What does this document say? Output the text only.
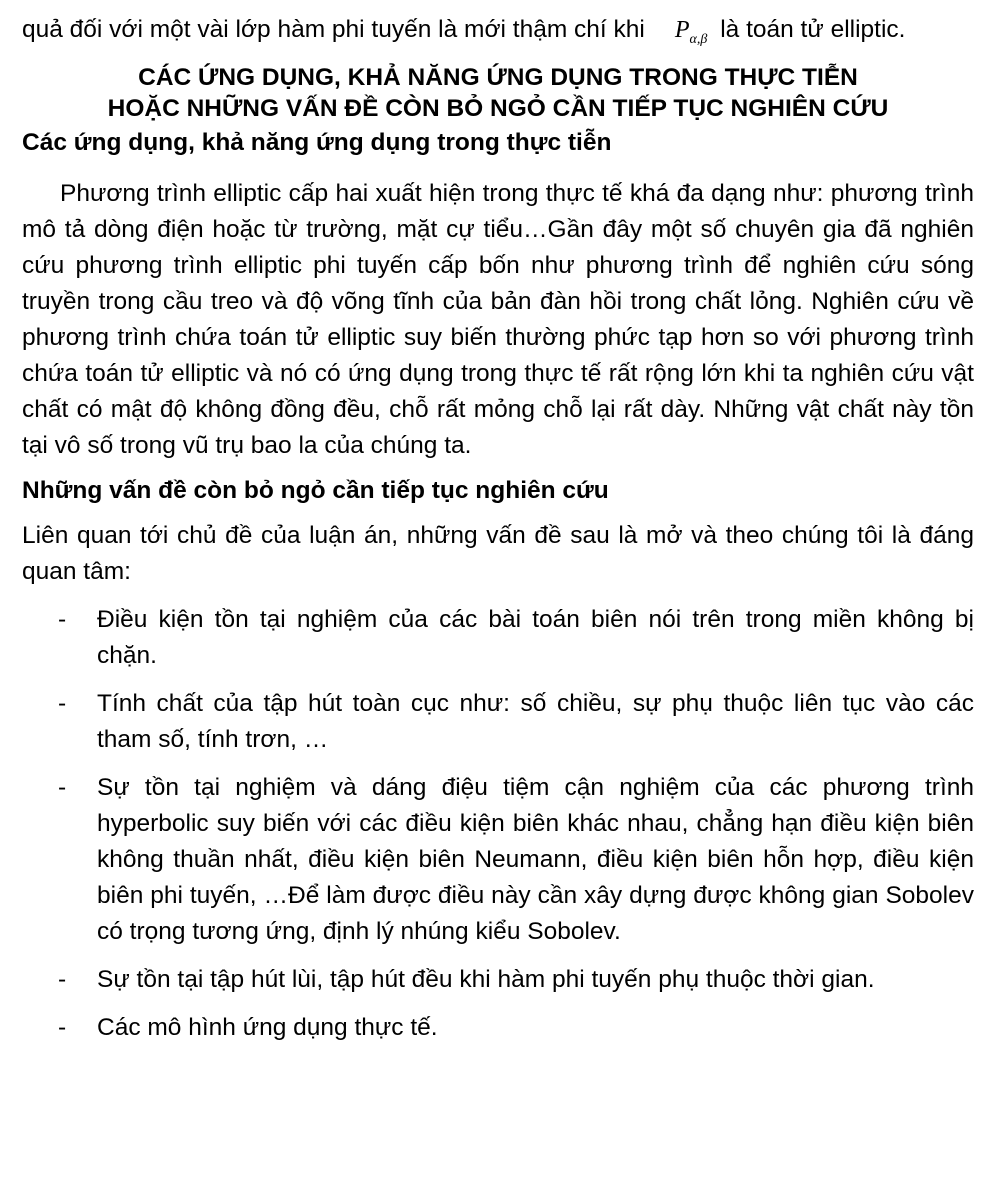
quả đối với một vài lớp hàm phi tuyến là mới thậm chí khi $P_{\alpha,\beta}$ là toán tử elliptic.

CÁC ỨNG DỤNG, KHẢ NĂNG ỨNG DỤNG TRONG THỰC TIỄN
HOẶC NHỮNG VẤN ĐỀ CÒN BỎ NGỎ CẦN TIẾP TỤC NGHIÊN CỨU

Các ứng dụng, khả năng ứng dụng trong thực tiễn

Phương trình elliptic cấp hai xuất hiện trong thực tế khá đa dạng như: phương trình mô tả dòng điện hoặc từ trường, mặt cự tiểu…Gần đây một số chuyên gia đã nghiên cứu phương trình elliptic phi tuyến cấp bốn như phương trình để nghiên cứu sóng truyền trong cầu treo và độ võng tĩnh của bản đàn hồi trong chất lỏng. Nghiên cứu về phương trình chứa toán tử elliptic suy biến thường phức tạp hơn so với phương trình chứa toán tử elliptic và nó có ứng dụng trong thực tế rất rộng lớn khi ta nghiên cứu vật chất có mật độ không đồng đều, chỗ rất mỏng chỗ lại rất dày. Những vật chất này tồn tại vô số trong vũ trụ bao la của chúng ta.

Những vấn đề còn bỏ ngỏ cần tiếp tục nghiên cứu

Liên quan tới chủ đề của luận án, những vấn đề sau là mở và theo chúng tôi là đáng quan tâm:

- Điều kiện tồn tại nghiệm của các bài toán biên nói trên trong miền không bị chặn.
- Tính chất của tập hút toàn cục như: số chiều, sự phụ thuộc liên tục vào các tham số, tính trơn, …
- Sự tồn tại nghiệm và dáng điệu tiệm cận nghiệm của các phương trình hyperbolic suy biến với các điều kiện biên khác nhau, chẳng hạn điều kiện biên không thuần nhất, điều kiện biên Neumann, điều kiện biên hỗn hợp, điều kiện biên phi tuyến, …Để làm được điều này cần xây dựng được không gian Sobolev có trọng tương ứng, định lý nhúng kiểu Sobolev.
- Sự tồn tại tập hút lùi, tập hút đều khi hàm phi tuyến phụ thuộc thời gian.
- Các mô hình ứng dụng thực tế.
